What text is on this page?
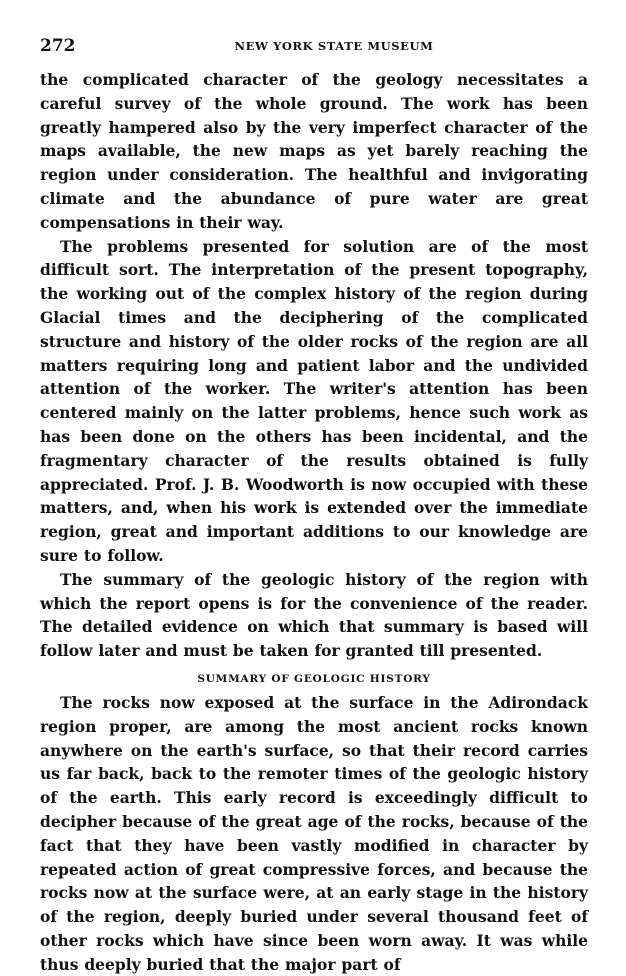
272	NEW YORK STATE MUSEUM

the complicated character of the geology necessitates a careful survey of the whole ground. The work has been greatly hampered also by the very imperfect character of the maps available, the new maps as yet barely reaching the region under consideration. The healthful and invigorating climate and the abundance of pure water are great compensations in their way.

The problems presented for solution are of the most difficult sort. The interpretation of the present topography, the working out of the complex history of the region during Glacial times and the deciphering of the complicated structure and history of the older rocks of the region are all matters requiring long and patient labor and the undivided attention of the worker. The writer's attention has been centered mainly on the latter problems, hence such work as has been done on the others has been incidental, and the fragmentary character of the results obtained is fully appreciated. Prof. J. B. Woodworth is now occupied with these matters, and, when his work is extended over the immediate region, great and important additions to our knowledge are sure to follow.

The summary of the geologic history of the region with which the report opens is for the convenience of the reader. The detailed evidence on which that summary is based will follow later and must be taken for granted till presented.

SUMMARY OF GEOLOGIC HISTORY

The rocks now exposed at the surface in the Adirondack region proper, are among the most ancient rocks known anywhere on the earth's surface, so that their record carries us far back, back to the remoter times of the geologic history of the earth. This early record is exceedingly difficult to decipher because of the great age of the rocks, because of the fact that they have been vastly modified in character by repeated action of great compressive forces, and because the rocks now at the surface were, at an early stage in the history of the region, deeply buried under several thousand feet of other rocks which have since been worn away. It was while thus deeply buried that the major part of
